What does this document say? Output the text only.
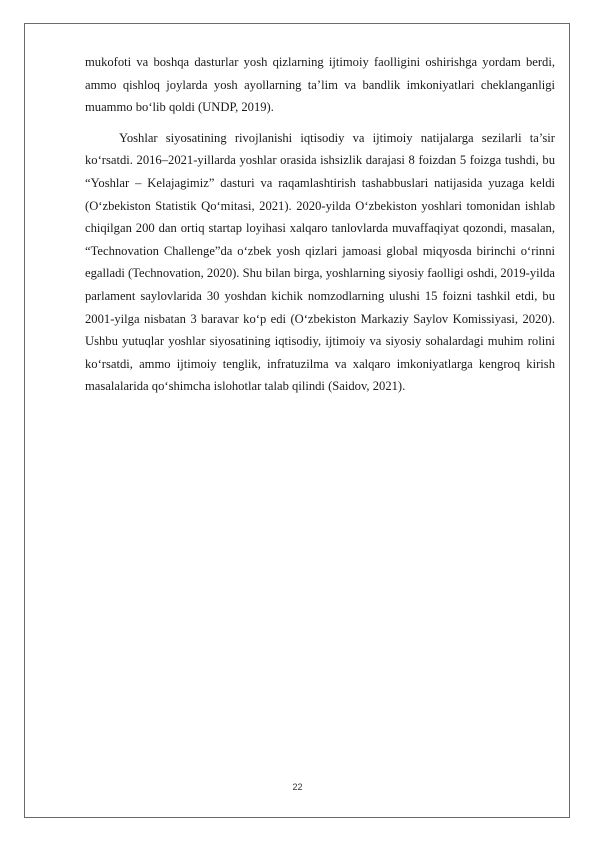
mukofoti va boshqa dasturlar yosh qizlarning ijtimoiy faolligini oshirishga yordam berdi, ammo qishloq joylarda yosh ayollarning ta’lim va bandlik imkoniyatlari cheklanganligi muammo bo‘lib qoldi (UNDP, 2019).

Yoshlar siyosatining rivojlanishi iqtisodiy va ijtimoiy natijalarga sezilarli ta’sir ko‘rsatdi. 2016–2021-yillarda yoshlar orasida ishsizlik darajasi 8 foizdan 5 foizga tushdi, bu “Yoshlar – Kelajagimiz” dasturi va raqamlashtirish tashabbuslari natijasida yuzaga keldi (O‘zbekiston Statistik Qo‘mitasi, 2021). 2020-yilda O‘zbekiston yoshlari tomonidan ishlab chiqilgan 200 dan ortiq startap loyihasi xalqaro tanlovlarda muvaffaqiyat qozondi, masalan, “Technovation Challenge”da o‘zbek yosh qizlari jamoasi global miqyosda birinchi o‘rinni egalladi (Technovation, 2020). Shu bilan birga, yoshlarning siyosiy faolligi oshdi, 2019-yilda parlament saylovlarida 30 yoshdan kichik nomzodlarning ulushi 15 foizni tashkil etdi, bu 2001-yilga nisbatan 3 baravar ko‘p edi (O‘zbekiston Markaziy Saylov Komissiyasi, 2020). Ushbu yutuqlar yoshlar siyosatining iqtisodiy, ijtimoiy va siyosiy sohalardagi muhim rolini ko‘rsatdi, ammo ijtimoiy tenglik, infratuzilma va xalqaro imkoniyatlarga kengroq kirish masalalarida qo‘shimcha islohotlar talab qilindi (Saidov, 2021).

22
